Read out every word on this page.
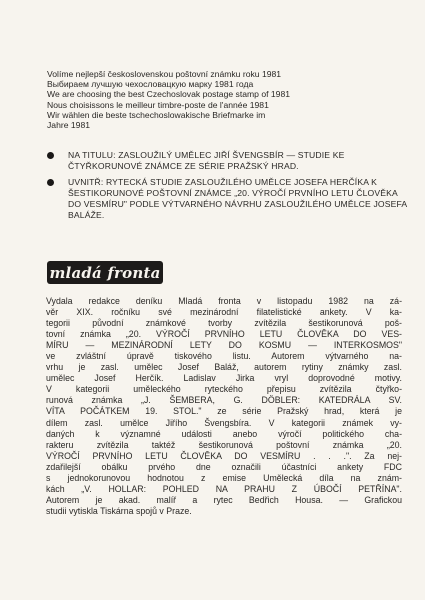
Volíme nejlepší československou poštovní známku roku 1981
Выбираем лучшую чехословацкую марку 1981 года
We are choosing the best Czechoslovak postage stamp of 1981
Nous choisissons le meilleur timbre-poste de l'année 1981
Wir wählen die beste tschechoslowakische Briefmarke im
Jahre 1981
NA TITULU: ZASLOUŽILÝ UMĚLEC JIŘÍ ŠVENGSBÍR — STUDIE KE ČTYŘKORUNOVÉ ZNÁMCE ZE SÉRIE PRAŽSKÝ HRAD.
UVNITŘ: RYTECKÁ STUDIE ZASLOUŽILÉHO UMĚLCE JOSEFA HERČÍKA K ŠESTIKORUNOVÉ POŠTOVNÍ ZNÁMCE „20. VÝROČÍ PRVNÍHO LETU ČLOVĚKA DO VESMÍRU" PODLE VÝTVARNÉHO NÁVRHU ZASLOUŽILÉHO UMĚLCE JOSEFA BALÁŽE.
mladá fronta
Vydala redakce deníku Mladá fronta v listopadu 1982 na zá-
věr XIX. ročníku své mezinárodní filatelistické ankety. V ka-
tegorii původní známkové tvorby zvítězila šestikorunová poš-
tovní známka „20. VÝROČÍ PRVNÍHO LETU ČLOVĚKA DO VES-
MÍRU — MEZINÁRODNÍ LETY DO KOSMU — INTERKOSMOS"
ve zvláštní úpravě tiskového listu. Autorem výtvarného na-
vrhu je zasl. umělec Josef Baláž, autorem rytiny známky zasl.
umělec Josef Herčík. Ladislav Jirka vryl doprovodné motivy.
V kategorii uměleckého ryteckého přepisu zvítězila čtyřko-
runová známka „J. ŠEMBERA, G. DÖBLER: KATEDRÁLA SV.
VÍTA POČÁTKEM 19. STOL." ze série Pražský hrad, která je
dílem zasl. umělce Jiřího Švengsbíra. V kategorii známek vy-
daných k významné události anebo výročí politického cha-
rakteru zvítězila taktéž šestikorunová poštovní známka „20.
VÝROČÍ PRVNÍHO LETU ČLOVĚKA DO VESMÍRU . . .". Za nej-
zdařilejší obálku prvého dne označili účastníci ankety FDC
s jednokorunovou hodnotou z emise Umělecká díla na znám-
kách „V. HOLLAR: POHLED NA PRAHU Z ÚBOČÍ PETŘÍNA".
Autorem je akad. malíř a rytec Bedřich Housa. — Grafickou
studii vytiskla Tiskárna spojů v Praze.
